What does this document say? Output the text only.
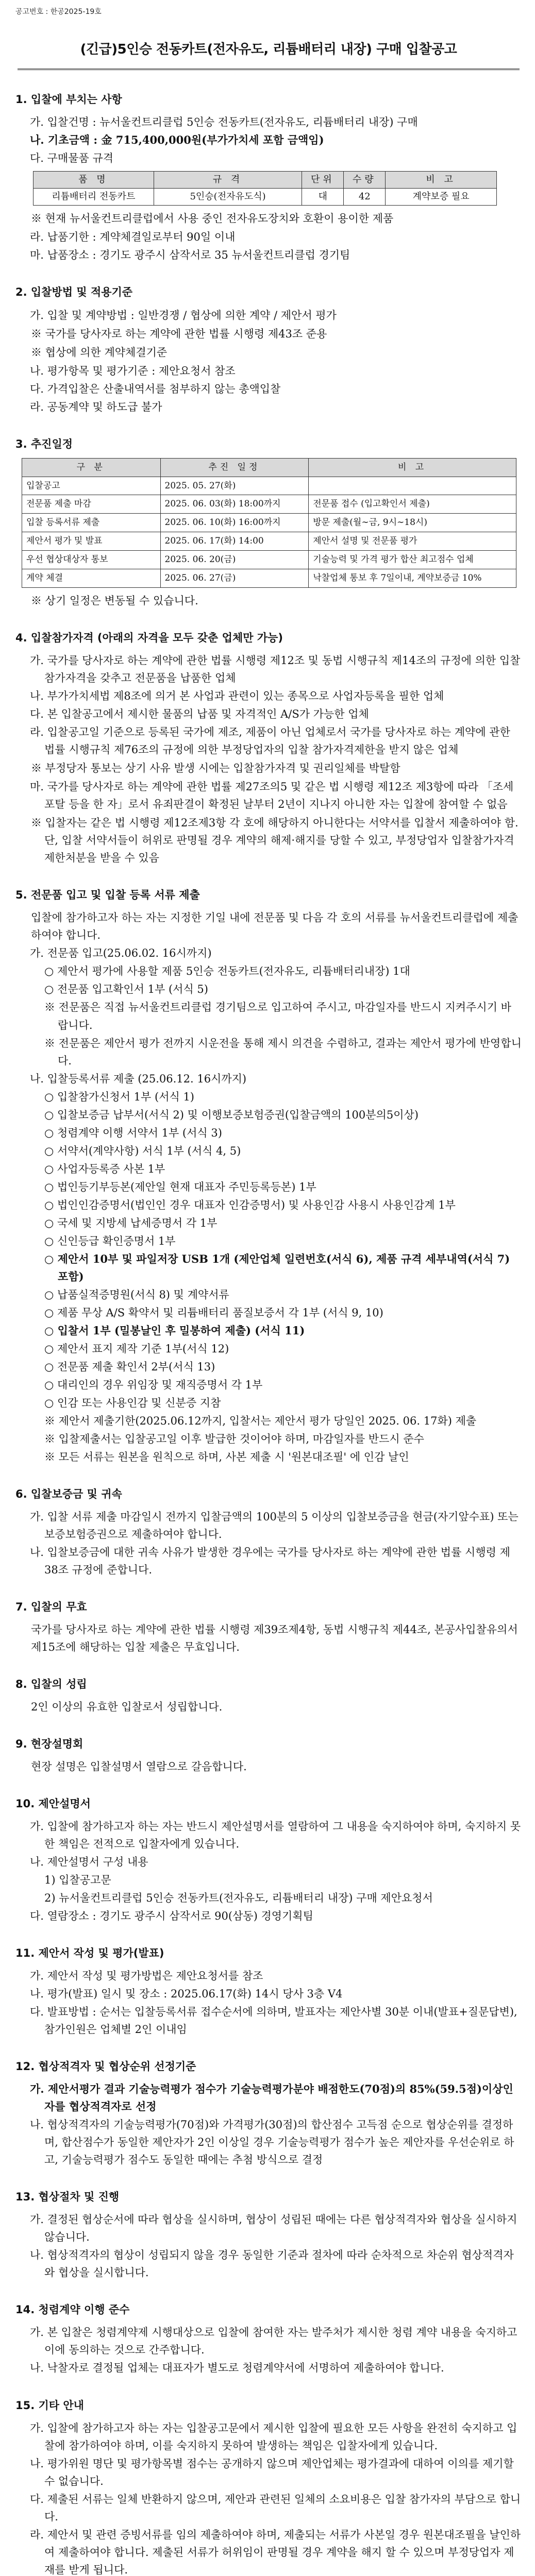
공고번호 : 한공2025-19호
(긴급)5인승 전동카트(전자유도, 리튬배터리 내장) 구매 입찰공고
1. 입찰에 부치는 사항
가. 입찰건명 : 뉴서울컨트리클럽 5인승 전동카트(전자유도, 리튬배터리 내장) 구매
나. 기초금액 : 金 715,400,000원(부가가치세 포함 금액임)
다. 구매물품 규격
품 명	규 격	단위	수량	비 고
리튬배터리 전동카트	5인승(전자유도식)	대	42	계약보증 필요
※ 현재 뉴서울컨트리클럽에서 사용 중인 전자유도장치와 호환이 용이한 제품
라. 납품기한 : 계약체결일로부터 90일 이내
마. 납품장소 : 경기도 광주시 삼작서로 35 뉴서울컨트리클럽 경기팀
2. 입찰방법 및 적용기준
가. 입찰 및 계약방법 : 일반경쟁 / 협상에 의한 계약 / 제안서 평가
※ 국가를 당사자로 하는 계약에 관한 법률 시행령 제43조 준용
※ 협상에 의한 계약체결기준
나. 평가항목 및 평가기준 : 제안요청서 참조
다. 가격입찰은 산출내역서를 첨부하지 않는 총액입찰
라. 공동계약 및 하도급 불가
3. 추진일정
구 분	추진 일정	비 고
입찰공고	2025. 05. 27(화)	
전문품 제출 마감	2025. 06. 03(화) 18:00까지	전문품 접수 (입고확인서 제출)
입찰 등록서류 제출	2025. 06. 10(화) 16:00까지	방문 제출(월∼금, 9시∼18시)
제안서 평가 및 발표	2025. 06. 17(화) 14:00	제안서 설명 및 전문품 평가
우선 협상대상자 통보	2025. 06. 20(금)	기술능력 및 가격 평가 합산 최고점수 업체
계약 체결	2025. 06. 27(금)	낙찰업체 통보 후 7일이내, 계약보증금 10%
※ 상기 일정은 변동될 수 있습니다.
4. 입찰참가자격 (아래의 자격을 모두 갖춘 업체만 가능)
가. 국가를 당사자로 하는 계약에 관한 법률 시행령 제12조 및 동법 시행규칙 제14조의 규정에 의한 입찰참가자격을 갖추고 전문품을 납품한 업체
나. 부가가치세법 제8조에 의거 본 사업과 관련이 있는 종목으로 사업자등록을 필한 업체
다. 본 입찰공고에서 제시한 물품의 납품 및 자격적인 A/S가 가능한 업체
라. 입찰공고일 기준으로 등록된 국가에 제조, 제품이 아닌 업체로서 국가를 당사자로 하는 계약에 관한 법률 시행규칙 제76조의 규정에 의한 부정당업자의 입찰 참가자격제한을 받지 않은 업체
※ 부정당자 통보는 상기 사유 발생 시에는 입찰참가자격 및 권리일체를 박탈함
마. 국가를 당사자로 하는 계약에 관한 법률 제27조의5 및 같은 법 시행령 제12조 제3항에 따라 「조세포탈 등을 한 자」로서 유죄판결이 확정된 날부터 2년이 지나지 아니한 자는 입찰에 참여할 수 없음
※ 입찰자는 같은 법 시행령 제12조제3항 각 호에 해당하지 아니한다는 서약서를 입찰서 제출하여야 함. 단, 입찰 서약서들이 허위로 판명될 경우 계약의 해제·해지를 당할 수 있고, 부정당업자 입찰참가자격제한처분을 받을 수 있음
5. 전문품 입고 및 입찰 등록 서류 제출
입찰에 참가하고자 하는 자는 지정한 기일 내에 전문품 및 다음 각 호의 서류를 뉴서울컨트리클럽에 제출하여야 합니다.
가. 전문품 입고(25.06.02. 16시까지)
○ 제안서 평가에 사용할 제품 5인승 전동카트(전자유도, 리튬배터리내장) 1대
○ 전문품 입고확인서 1부 (서식 5)
※ 전문품은 직접 뉴서울컨트리클럽 경기팀으로 입고하여 주시고, 마감일자를 반드시 지켜주시기 바랍니다.
※ 전문품은 제안서 평가 전까지 시운전을 통해 제시 의견을 수렴하고, 결과는 제안서 평가에 반영합니다.
나. 입찰등록서류 제출 (25.06.12. 16시까지)
○ 입찰참가신청서 1부 (서식 1)
○ 입찰보증금 납부서(서식 2) 및 이행보증보험증권(입찰금액의 100분의5이상)
○ 청렴계약 이행 서약서 1부 (서식 3)
○ 서약서(계약사항) 서식 1부 (서식 4, 5)
○ 사업자등록증 사본 1부
○ 법인등기부등본(제안일 현재 대표자 주민등록등본) 1부
○ 법인인감증명서(법인인 경우 대표자 인감증명서) 및 사용인감 사용시 사용인감계 1부
○ 국세 및 지방세 납세증명서 각 1부
○ 신인등급 확인증명서 1부
○ 제안서 10부 및 파일저장 USB 1개 (제안업체 일련번호(서식 6), 제품 규격 세부내역(서식 7) 포함)
○ 납품실적증명원(서식 8) 및 계약서류
○ 제품 무상 A/S 확약서 및 리튬배터리 품질보증서 각 1부 (서식 9, 10)
○ 입찰서 1부 (밀봉날인 후 밀봉하여 제출) (서식 11)
○ 제안서 표지 제작 기준 1부(서식 12)
○ 전문품 제출 확인서 2부(서식 13)
○ 대리인의 경우 위임장 및 재직증명서 각 1부
○ 인감 또는 사용인감 및 신분증 지참
※ 제안서 제출기한(2025.06.12까지, 입찰서는 제안서 평가 당일인 2025. 06. 17화) 제출
※ 입찰제출서는 입찰공고일 이후 발급한 것이어야 하며, 마감일자를 반드시 준수
※ 모든 서류는 원본을 원칙으로 하며, 사본 제출 시 '원본대조필' 에 인감 날인
6. 입찰보증금 및 귀속
가. 입찰 서류 제출 마감일시 전까지 입찰금액의 100분의 5 이상의 입찰보증금을 현금(자기앞수표) 또는 보증보험증권으로 제출하여야 합니다.
나. 입찰보증금에 대한 귀속 사유가 발생한 경우에는 국가를 당사자로 하는 계약에 관한 법률 시행령 제38조 규정에 준합니다.
7. 입찰의 무효
국가를 당사자로 하는 계약에 관한 법률 시행령 제39조제4항, 동법 시행규칙 제44조, 본공사입찰유의서 제15조에 해당하는 입찰 제출은 무효입니다.
8. 입찰의 성립
2인 이상의 유효한 입찰로서 성립합니다.
9. 현장설명회
현장 설명은 입찰설명서 열람으로 갈음합니다.
10. 제안설명서
가. 입찰에 참가하고자 하는 자는 반드시 제안설명서를 열람하여 그 내용을 숙지하여야 하며, 숙지하지 못한 책임은 전적으로 입찰자에게 있습니다.
나. 제안설명서 구성 내용
1) 입찰공고문
2) 뉴서울컨트리클럽 5인승 전동카트(전자유도, 리튬배터리 내장) 구매 제안요청서
다. 열람장소 : 경기도 광주시 삼작서로 90(삼동) 경영기획팀
11. 제안서 작성 및 평가(발표)
가. 제안서 작성 및 평가방법은 제안요청서를 참조
나. 평가(발표) 일시 및 장소 : 2025.06.17(화) 14시 당사 3층 V4
다. 발표방법 : 순서는 입찰등록서류 접수순서에 의하며, 발표자는 제안사별 30분 이내(발표+질문답변), 참가인원은 업체별 2인 이내임
12. 협상적격자 및 협상순위 선정기준
가. 제안서평가 결과 기술능력평가 점수가 기술능력평가분야 배점한도(70점)의 85%(59.5점)이상인 자를 협상적격자로 선정
나. 협상적격자의 기술능력평가(70점)와 가격평가(30점)의 합산점수 고득점 순으로 협상순위를 결정하며, 합산점수가 동일한 제안자가 2인 이상일 경우 기술능력평가 점수가 높은 제안자를 우선순위로 하고, 기술능력평가 점수도 동일한 때에는 추첨 방식으로 결정
13. 협상절차 및 진행
가. 결정된 협상순서에 따라 협상을 실시하며, 협상이 성립된 때에는 다른 협상적격자와 협상을 실시하지 않습니다.
나. 협상적격자의 협상이 성립되지 않을 경우 동일한 기준과 절차에 따라 순차적으로 차순위 협상적격자와 협상을 실시합니다.
14. 청렴계약 이행 준수
가. 본 입찰은 청렴계약제 시행대상으로 입찰에 참여한 자는 발주처가 제시한 청렴 계약 내용을 숙지하고 이에 동의하는 것으로 간주합니다.
나. 낙찰자로 결정될 업체는 대표자가 별도로 청렴계약서에 서명하여 제출하여야 합니다.
15. 기타 안내
가. 입찰에 참가하고자 하는 자는 입찰공고문에서 제시한 입찰에 필요한 모든 사항을 완전히 숙지하고 입찰에 참가하여야 하며, 이를 숙지하지 못하여 발생하는 책임은 입찰자에게 있습니다.
나. 평가위원 명단 및 평가항목별 점수는 공개하지 않으며 제안업체는 평가결과에 대하여 이의를 제기할 수 없습니다.
다. 제출된 서류는 일체 반환하지 않으며, 제안과 관련된 일체의 소요비용은 입찰 참가자의 부담으로 합니다.
라. 제안서 및 관련 증빙서류를 임의 제출하여야 하며, 제출되는 서류가 사본일 경우 원본대조필을 날인하여 제출하여야 합니다. 제출된 서류가 허위임이 판명될 경우 계약을 해지 할 수 있으며 부정당업자 제재를 받게 됩니다.
